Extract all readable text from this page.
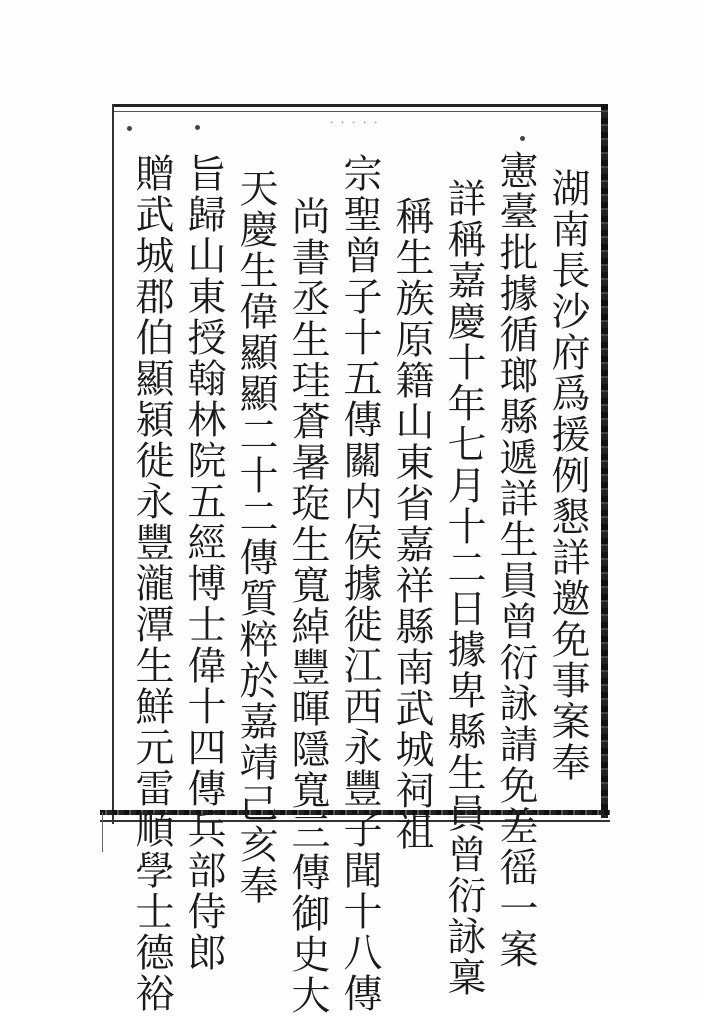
· · · · ·
湖南長沙府爲援例懇詳邀免事案奉
憲臺批據循瑯縣遞詳生員曾衍詠請免差徭一案
詳稱嘉慶十年七月十二日據卑縣生員曾衍詠稟
稱生族原籍山東省嘉祥縣南武城祠祖
宗聖曾子十五傳關内侯據徙江西永豐子聞十八傳
尚書丞生珪蒼暑琁生寬綽豐暉隱寬三傳御史大
天慶生偉顯顯二十二傳質粹於嘉靖己亥奉
旨歸山東授翰林院五經博士偉十四傳兵部侍郎
贈武城郡伯顯潁徙永豐瀧潭生鮮元雷順學士德裕
